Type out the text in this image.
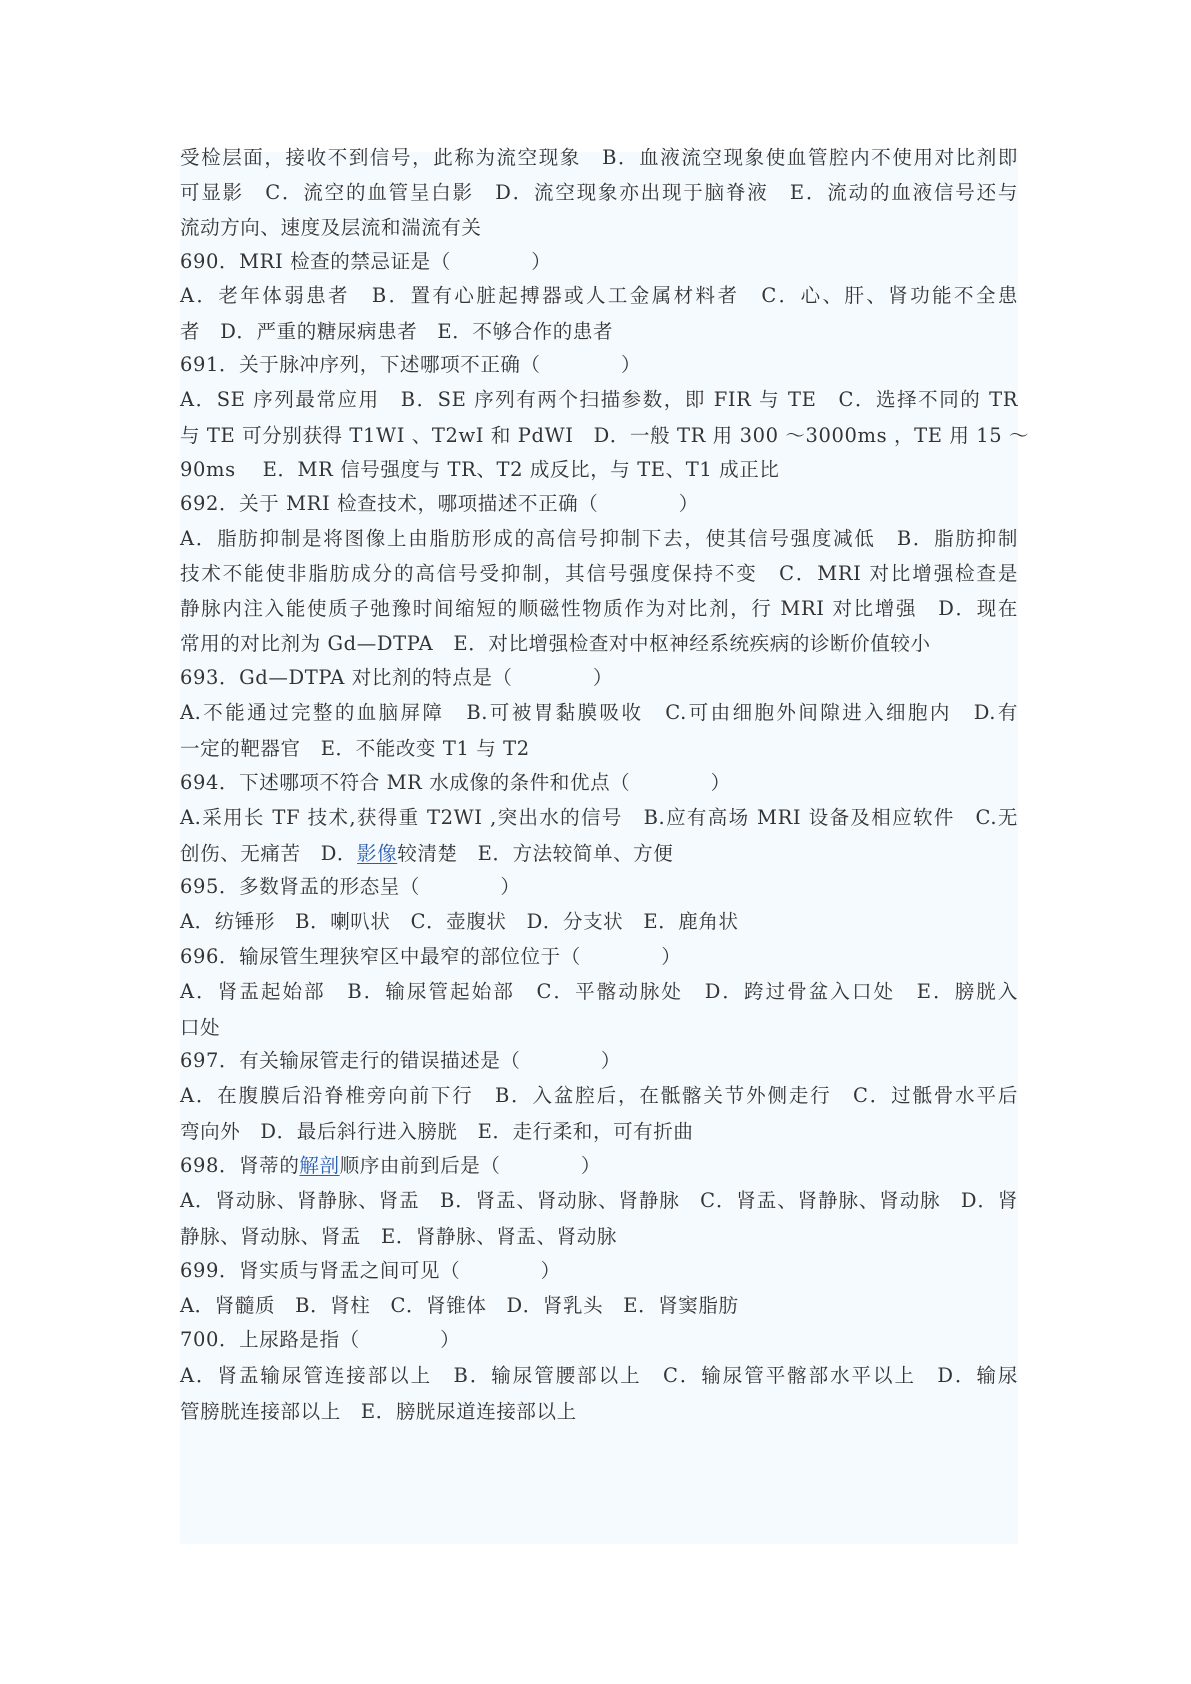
受检层面，接收不到信号，此称为流空现象　B．血液流空现象使血管腔内不使用对比剂即
可显影　C．流空的血管呈白影　D．流空现象亦出现于脑脊液　E．流动的血液信号还与
流动方向、速度及层流和湍流有关
690．MRI 检查的禁忌证是（　　　　）
A．老年体弱患者　B．置有心脏起搏器或人工金属材料者　C．心、肝、肾功能不全患
者　D．严重的糖尿病患者　E．不够合作的患者
691．关于脉冲序列，下述哪项不正确（　　　　）
A．SE 序列最常应用　B．SE 序列有两个扫描参数，即 FIR 与 TE　C．选择不同的 TR
与 TE 可分别获得 T1WI 、T2wI 和 PdWI　D．一般 TR 用 300 ～3000ms ，TE 用 15 ～
90ms　 E．MR 信号强度与 TR、T2 成反比，与 TE、T1 成正比
692．关于 MRI 检查技术，哪项描述不正确（　　　　）
A．脂肪抑制是将图像上由脂肪形成的高信号抑制下去，使其信号强度减低　B．脂肪抑制
技术不能使非脂肪成分的高信号受抑制，其信号强度保持不变　C．MRI 对比增强检查是
静脉内注入能使质子弛豫时间缩短的顺磁性物质作为对比剂，行 MRI 对比增强　D．现在
常用的对比剂为 Gd—DTPA　E．对比增强检查对中枢神经系统疾病的诊断价值较小
693．Gd—DTPA 对比剂的特点是（　　　　）
A.不能通过完整的血脑屏障　B.可被胃黏膜吸收　C.可由细胞外间隙进入细胞内　D.有
一定的靶器官　E．不能改变 T1 与 T2
694．下述哪项不符合 MR 水成像的条件和优点（　　　　）
A.采用长 TF 技术,获得重 T2WI ,突出水的信号　B.应有高场 MRI 设备及相应软件　C.无
创伤、无痛苦　D．影像较清楚　E．方法较简单、方便
695．多数肾盂的形态呈（　　　　）
A．纺锤形　B．喇叭状　C．壶腹状　D．分支状　E．鹿角状
696．输尿管生理狭窄区中最窄的部位位于（　　　　）
A．肾盂起始部　B．输尿管起始部　C．平髂动脉处　D．跨过骨盆入口处　E．膀胱入
口处
697．有关输尿管走行的错误描述是（　　　　）
A．在腹膜后沿脊椎旁向前下行　B．入盆腔后，在骶髂关节外侧走行　C．过骶骨水平后
弯向外　D．最后斜行进入膀胱　E．走行柔和，可有折曲
698．肾蒂的解剖顺序由前到后是（　　　　）
A．肾动脉、肾静脉、肾盂　B．肾盂、肾动脉、肾静脉　C．肾盂、肾静脉、肾动脉　D．肾
静脉、肾动脉、肾盂　E．肾静脉、肾盂、肾动脉
699．肾实质与肾盂之间可见（　　　　）
A．肾髓质　B．肾柱　C．肾锥体　D．肾乳头　E．肾窦脂肪
700．上尿路是指（　　　　）
A．肾盂输尿管连接部以上　B．输尿管腰部以上　C．输尿管平髂部水平以上　D．输尿
管膀胱连接部以上　E．膀胱尿道连接部以上
